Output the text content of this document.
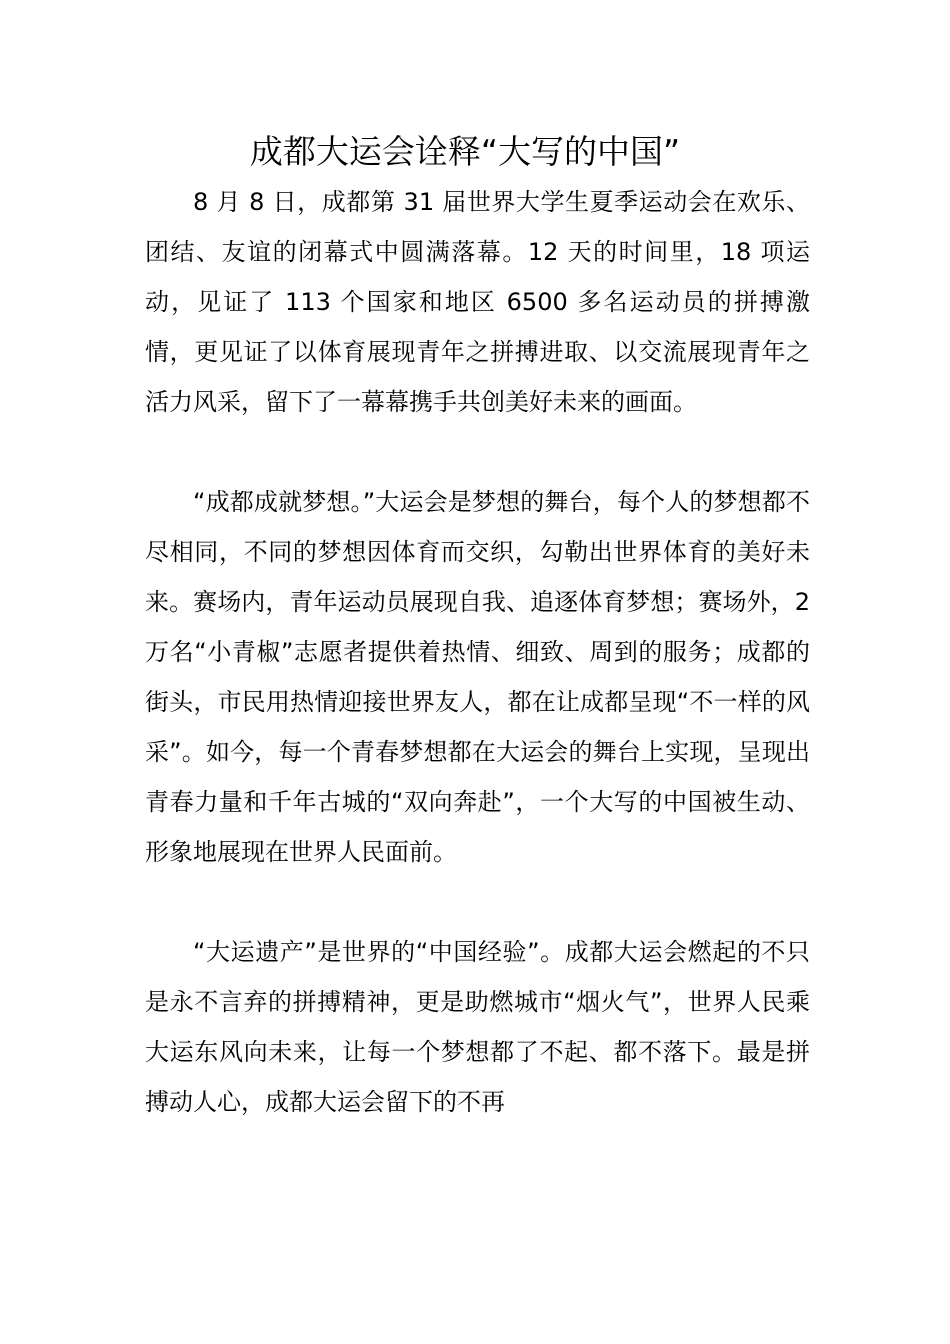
成都大运会诠释“大写的中国”

8 月 8 日，成都第 31 届世界大学生夏季运动会在欢乐、团结、友谊的闭幕式中圆满落幕。12 天的时间里，18 项运动，见证了 113 个国家和地区 6500 多名运动员的拼搏激情，更见证了以体育展现青年之拼搏进取、以交流展现青年之活力风采，留下了一幕幕携手共创美好未来的画面。

“成都成就梦想。”大运会是梦想的舞台，每个人的梦想都不尽相同，不同的梦想因体育而交织，勾勒出世界体育的美好未来。赛场内，青年运动员展现自我、追逐体育梦想；赛场外，2 万名“小青椒”志愿者提供着热情、细致、周到的服务；成都的街头，市民用热情迎接世界友人，都在让成都呈现“不一样的风采”。如今，每一个青春梦想都在大运会的舞台上实现，呈现出青春力量和千年古城的“双向奔赴”，一个大写的中国被生动、形象地展现在世界人民面前。

“大运遗产”是世界的“中国经验”。成都大运会燃起的不只是永不言弃的拼搏精神，更是助燃城市“烟火气”，世界人民乘大运东风向未来，让每一个梦想都了不起、都不落下。最是拼搏动人心，成都大运会留下的不再
